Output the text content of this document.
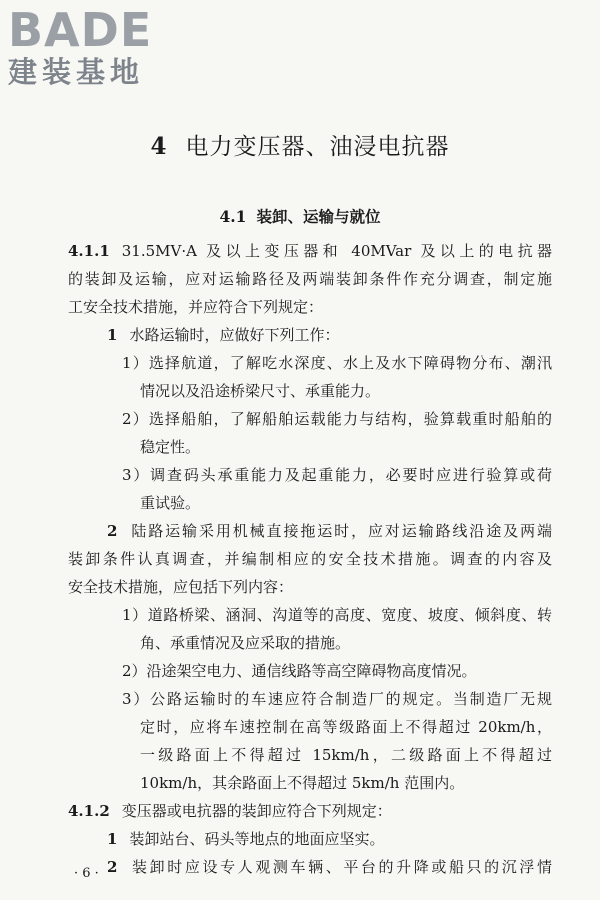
BADE
建装基地
4 电力变压器、油浸电抗器
4.1 装卸、运输与就位
4.1.1 31.5MV·A 及以上变压器和 40MVar 及以上的电抗器
的装卸及运输，应对运输路径及两端装卸条件作充分调查，制定施
工安全技术措施，并应符合下列规定：
1 水路运输时，应做好下列工作：
1）选择航道，了解吃水深度、水上及水下障碍物分布、潮汛
情况以及沿途桥梁尺寸、承重能力。
2）选择船舶，了解船舶运载能力与结构，验算载重时船舶的
稳定性。
3）调查码头承重能力及起重能力，必要时应进行验算或荷
重试验。
2 陆路运输采用机械直接拖运时，应对运输路线沿途及两端
装卸条件认真调查，并编制相应的安全技术措施。调查的内容及
安全技术措施，应包括下列内容：
1）道路桥梁、涵洞、沟道等的高度、宽度、坡度、倾斜度、转
角、承重情况及应采取的措施。
2）沿途架空电力、通信线路等高空障碍物高度情况。
3）公路运输时的车速应符合制造厂的规定。当制造厂无规
定时，应将车速控制在高等级路面上不得超过 20km/h，
一级路面上不得超过 15km/h，二级路面上不得超过
10km/h，其余路面上不得超过 5km/h 范围内。
4.1.2 变压器或电抗器的装卸应符合下列规定：
1 装卸站台、码头等地点的地面应坚实。
2 装卸时应设专人观测车辆、平台的升降或船只的沉浮情
· 6 ·
